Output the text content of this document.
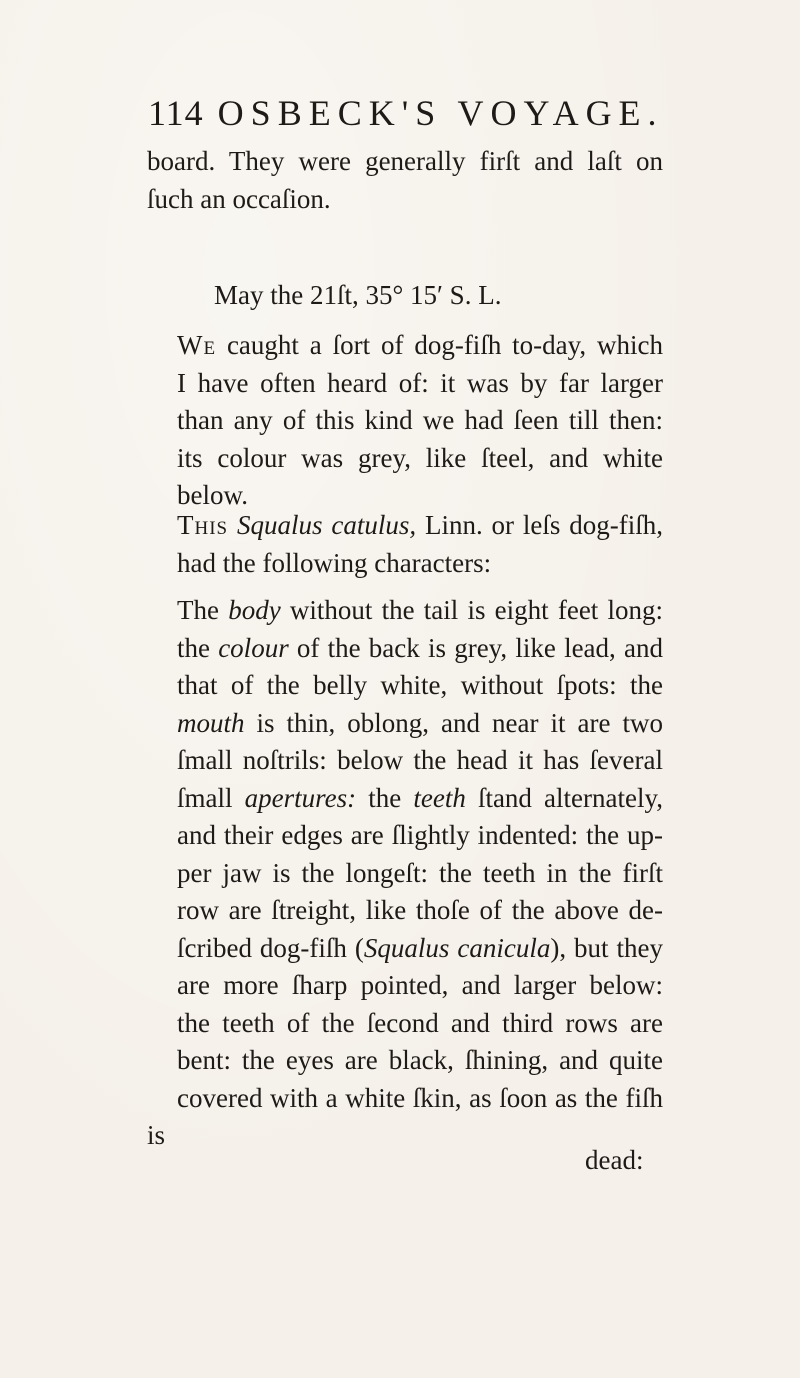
114 OSBECK'S VOYAGE.
board. They were generally firſt and laſt on
ſuch an occaſion.
May the 21ſt, 35° 15′ S. L.
We caught a ſort of dog-fiſh to-day, which
I have often heard of: it was by far larger
than any of this kind we had ſeen till then:
its colour was grey, like ſteel, and white
below.
This Squalus catulus, Linn. or leſs dog-fiſh,
had the following characters:
The body without the tail is eight feet long:
the colour of the back is grey, like lead, and
that of the belly white, without ſpots: the
mouth is thin, oblong, and near it are two
ſmall noſtrils: below the head it has ſeveral
ſmall apertures: the teeth ſtand alternately,
and their edges are ſlightly indented: the up-
per jaw is the longeſt: the teeth in the firſt
row are ſtreight, like thoſe of the above de-
ſcribed dog-fiſh (Squalus canicula), but they
are more ſharp pointed, and larger below:
the teeth of the ſecond and third rows are
bent: the eyes are black, ſhining, and quite
covered with a white ſkin, as ſoon as the fiſh is
dead:
